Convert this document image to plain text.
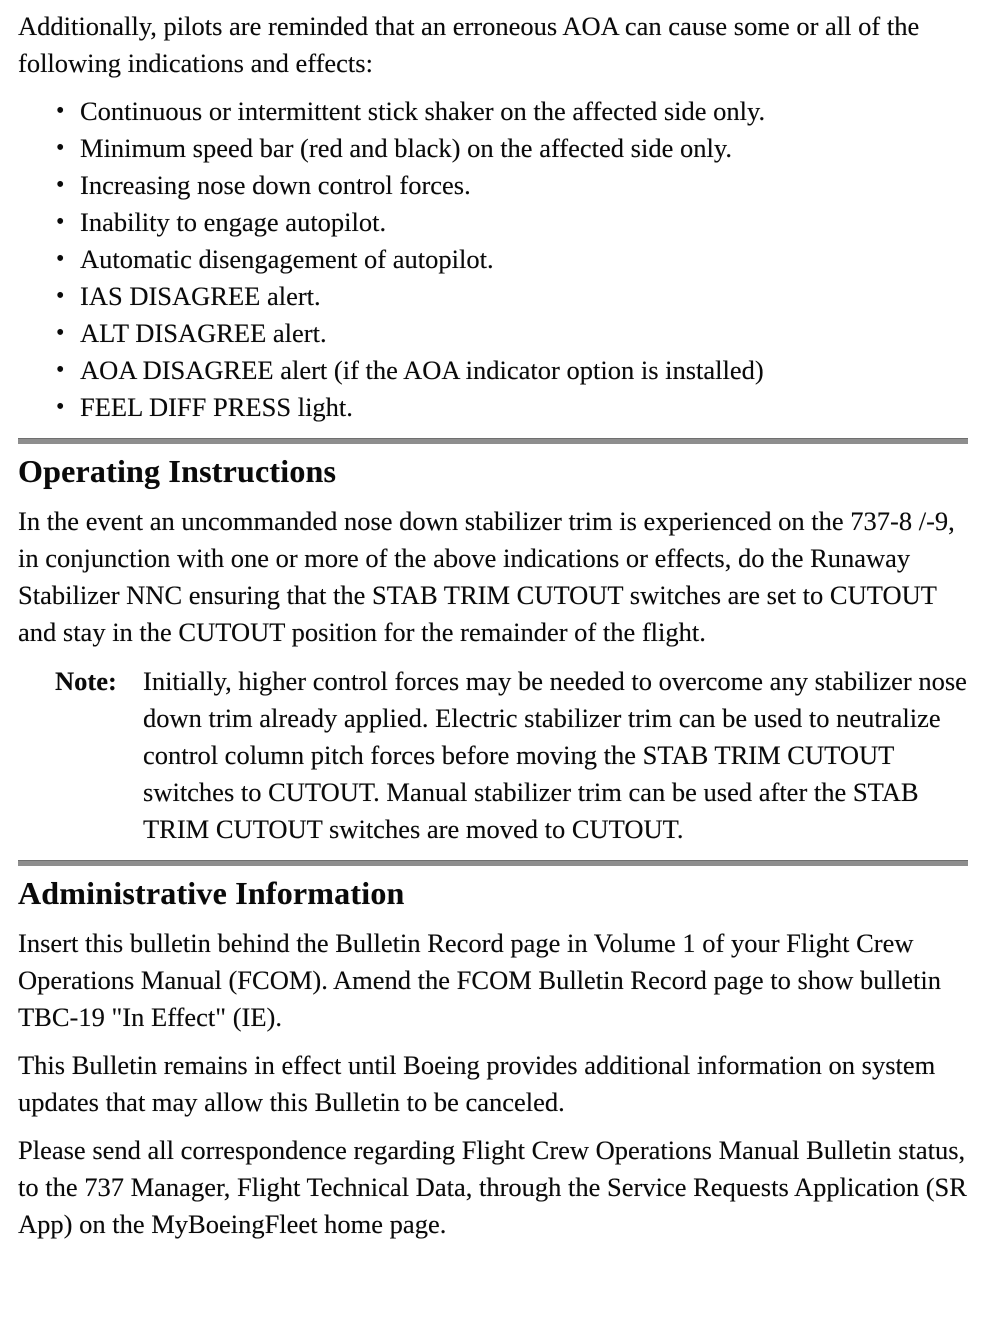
Additionally, pilots are reminded that an erroneous AOA can cause some or all of the following indications and effects:

• Continuous or intermittent stick shaker on the affected side only.
• Minimum speed bar (red and black) on the affected side only.
• Increasing nose down control forces.
• Inability to engage autopilot.
• Automatic disengagement of autopilot.
• IAS DISAGREE alert.
• ALT DISAGREE alert.
• AOA DISAGREE alert (if the AOA indicator option is installed)
• FEEL DIFF PRESS light.
Operating Instructions

In the event an uncommanded nose down stabilizer trim is experienced on the 737-8 /-9, in conjunction with one or more of the above indications or effects, do the Runaway Stabilizer NNC ensuring that the STAB TRIM CUTOUT switches are set to CUTOUT and stay in the CUTOUT position for the remainder of the flight.

Note: Initially, higher control forces may be needed to overcome any stabilizer nose down trim already applied. Electric stabilizer trim can be used to neutralize control column pitch forces before moving the STAB TRIM CUTOUT switches to CUTOUT. Manual stabilizer trim can be used after the STAB TRIM CUTOUT switches are moved to CUTOUT.
Administrative Information

Insert this bulletin behind the Bulletin Record page in Volume 1 of your Flight Crew Operations Manual (FCOM). Amend the FCOM Bulletin Record page to show bulletin TBC-19 "In Effect" (IE).

This Bulletin remains in effect until Boeing provides additional information on system updates that may allow this Bulletin to be canceled.

Please send all correspondence regarding Flight Crew Operations Manual Bulletin status, to the 737 Manager, Flight Technical Data, through the Service Requests Application (SR App) on the MyBoeingFleet home page.
